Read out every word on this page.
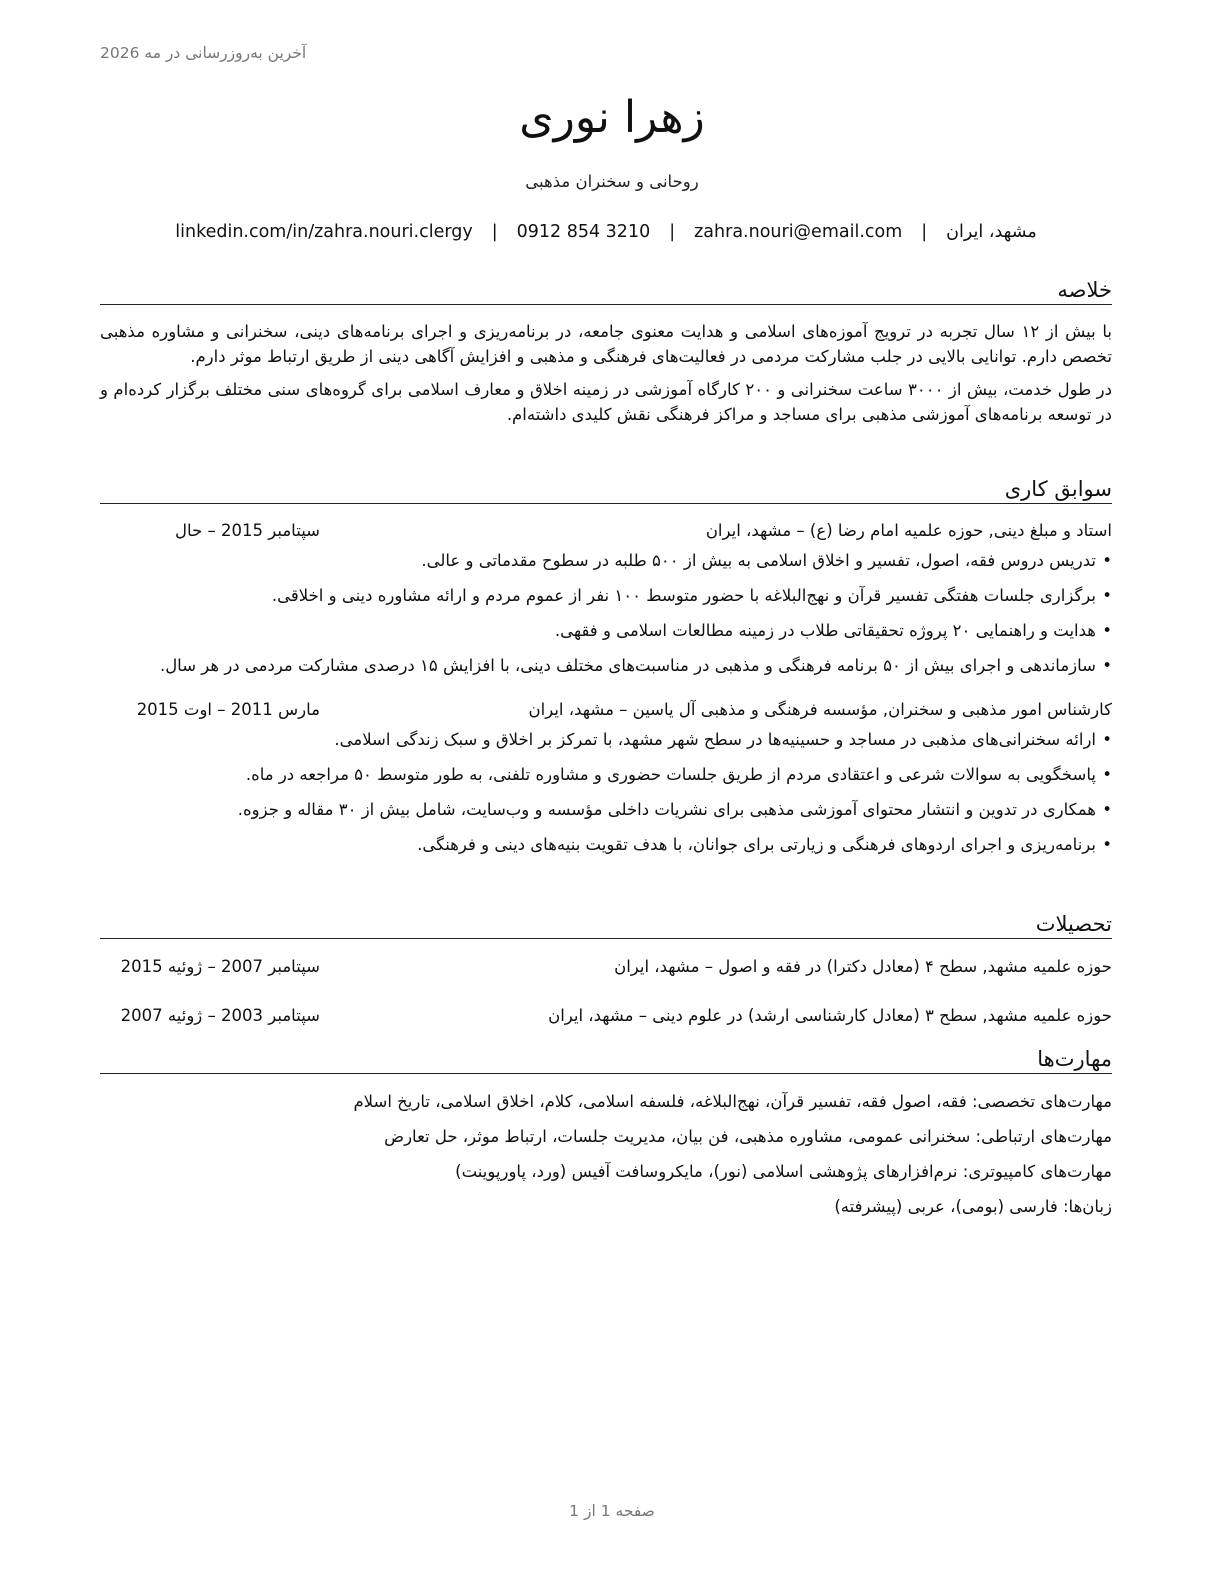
آخرین به‌روزرسانی در مه 2026
زهرا نوری
روحانی و سخنران مذهبی
مشهد، ایران
|
zahra.nouri@email.com
|
0912 854 3210
|
linkedin.com/in/zahra.nouri.clergy
خلاصه

با بیش از ۱۲ سال تجربه در ترویج آموزه‌های اسلامی و هدایت معنوی جامعه، در برنامه‌ریزی و اجرای برنامه‌های دینی، سخنرانی و مشاوره مذهبی تخصص دارم. توانایی بالایی در جلب مشارکت مردمی در فعالیت‌های فرهنگی و مذهبی و افزایش آگاهی دینی از طریق ارتباط موثر دارم.

در طول خدمت، بیش از ۳۰۰۰ ساعت سخنرانی و ۲۰۰ کارگاه آموزشی در زمینه اخلاق و معارف اسلامی برای گروه‌های سنی مختلف برگزار کرده‌ام و در توسعه برنامه‌های آموزشی مذهبی برای مساجد و مراکز فرهنگی نقش کلیدی داشته‌ام.

سوابق کاری
استاد و مبلغ دینی, حوزه علمیه امام رضا (ع) – مشهد، ایران
سپتامبر 2015 – حال
• تدریس دروس فقه، اصول، تفسیر و اخلاق اسلامی به بیش از ۵۰۰ طلبه در سطوح مقدماتی و عالی.
• برگزاری جلسات هفتگی تفسیر قرآن و نهج‌البلاغه با حضور متوسط ۱۰۰ نفر از عموم مردم و ارائه مشاوره دینی و اخلاقی.
• هدایت و راهنمایی ۲۰ پروژه تحقیقاتی طلاب در زمینه مطالعات اسلامی و فقهی.
• سازماندهی و اجرای بیش از ۵۰ برنامه فرهنگی و مذهبی در مناسبت‌های مختلف دینی، با افزایش ۱۵ درصدی مشارکت مردمی در هر سال.
کارشناس امور مذهبی و سخنران, مؤسسه فرهنگی و مذهبی آل یاسین – مشهد، ایران
مارس 2011 – اوت 2015
• ارائه سخنرانی‌های مذهبی در مساجد و حسینیه‌ها در سطح شهر مشهد، با تمرکز بر اخلاق و سبک زندگی اسلامی.
• پاسخگویی به سوالات شرعی و اعتقادی مردم از طریق جلسات حضوری و مشاوره تلفنی، به طور متوسط ۵۰ مراجعه در ماه.
• همکاری در تدوین و انتشار محتوای آموزشی مذهبی برای نشریات داخلی مؤسسه و وب‌سایت، شامل بیش از ۳۰ مقاله و جزوه.
• برنامه‌ریزی و اجرای اردوهای فرهنگی و زیارتی برای جوانان، با هدف تقویت بنیه‌های دینی و فرهنگی.
تحصیلات
حوزه علمیه مشهد, سطح ۴ (معادل دکترا) در فقه و اصول – مشهد، ایران
سپتامبر 2007 – ژوئیه 2015
حوزه علمیه مشهد, سطح ۳ (معادل کارشناسی ارشد) در علوم دینی – مشهد، ایران
سپتامبر 2003 – ژوئیه 2007
مهارت‌ها
مهارت‌های تخصصی: فقه، اصول فقه، تفسیر قرآن، نهج‌البلاغه، فلسفه اسلامی، کلام، اخلاق اسلامی، تاریخ اسلام
مهارت‌های ارتباطی: سخنرانی عمومی، مشاوره مذهبی، فن بیان، مدیریت جلسات، ارتباط موثر، حل تعارض
مهارت‌های کامپیوتری: نرم‌افزارهای پژوهشی اسلامی (نور)، مایکروسافت آفیس (ورد، پاورپوینت)
زبان‌ها: فارسی (بومی)، عربی (پیشرفته)
صفحه 1 از 1
